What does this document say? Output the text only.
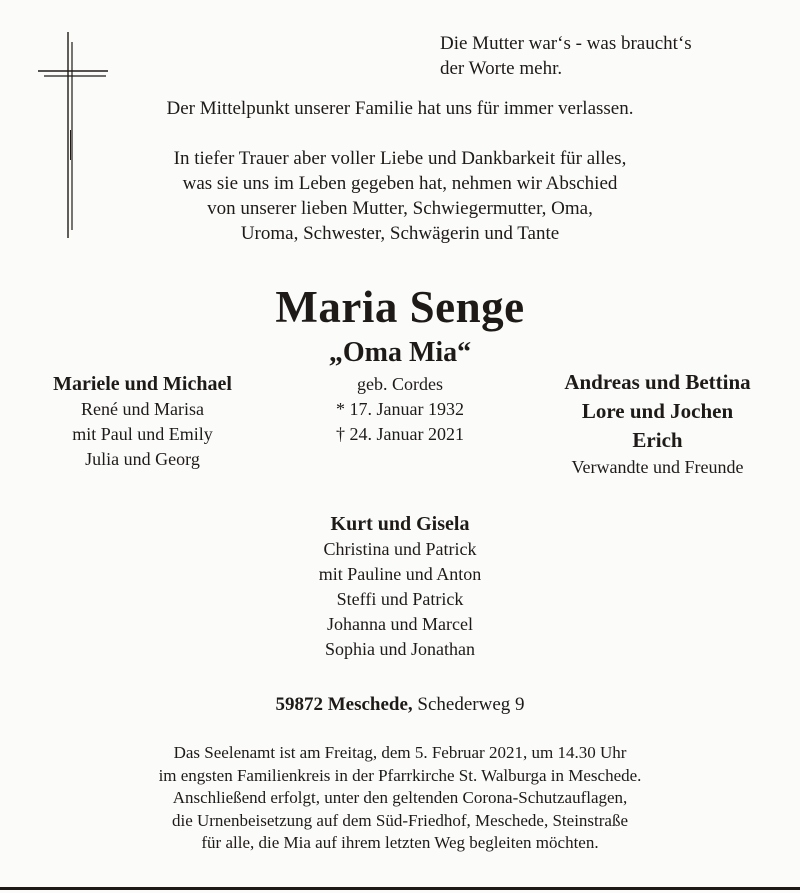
Die Mutter war‘s - was braucht‘s
der Worte mehr.
Der Mittelpunkt unserer Familie hat uns für immer verlassen.
In tiefer Trauer aber voller Liebe und Dankbarkeit für alles,
was sie uns im Leben gegeben hat, nehmen wir Abschied
von unserer lieben Mutter, Schwiegermutter, Oma,
Uroma, Schwester, Schwägerin und Tante
Maria Senge
„Oma Mia“
geb. Cordes
* 17. Januar 1932
† 24. Januar 2021
Mariele und Michael
René und Marisa
mit Paul und Emily
Julia und Georg
Andreas und Bettina
Lore und Jochen
Erich
Verwandte und Freunde
Kurt und Gisela
Christina und Patrick
mit Pauline und Anton
Steffi und Patrick
Johanna und Marcel
Sophia und Jonathan
59872 Meschede, Schederweg 9
Das Seelenamt ist am Freitag, dem 5. Februar 2021, um 14.30 Uhr
im engsten Familienkreis in der Pfarrkirche St. Walburga in Meschede.
Anschließend erfolgt, unter den geltenden Corona-Schutzauflagen,
die Urnenbeisetzung auf dem Süd-Friedhof, Meschede, Steinstraße
für alle, die Mia auf ihrem letzten Weg begleiten möchten.
